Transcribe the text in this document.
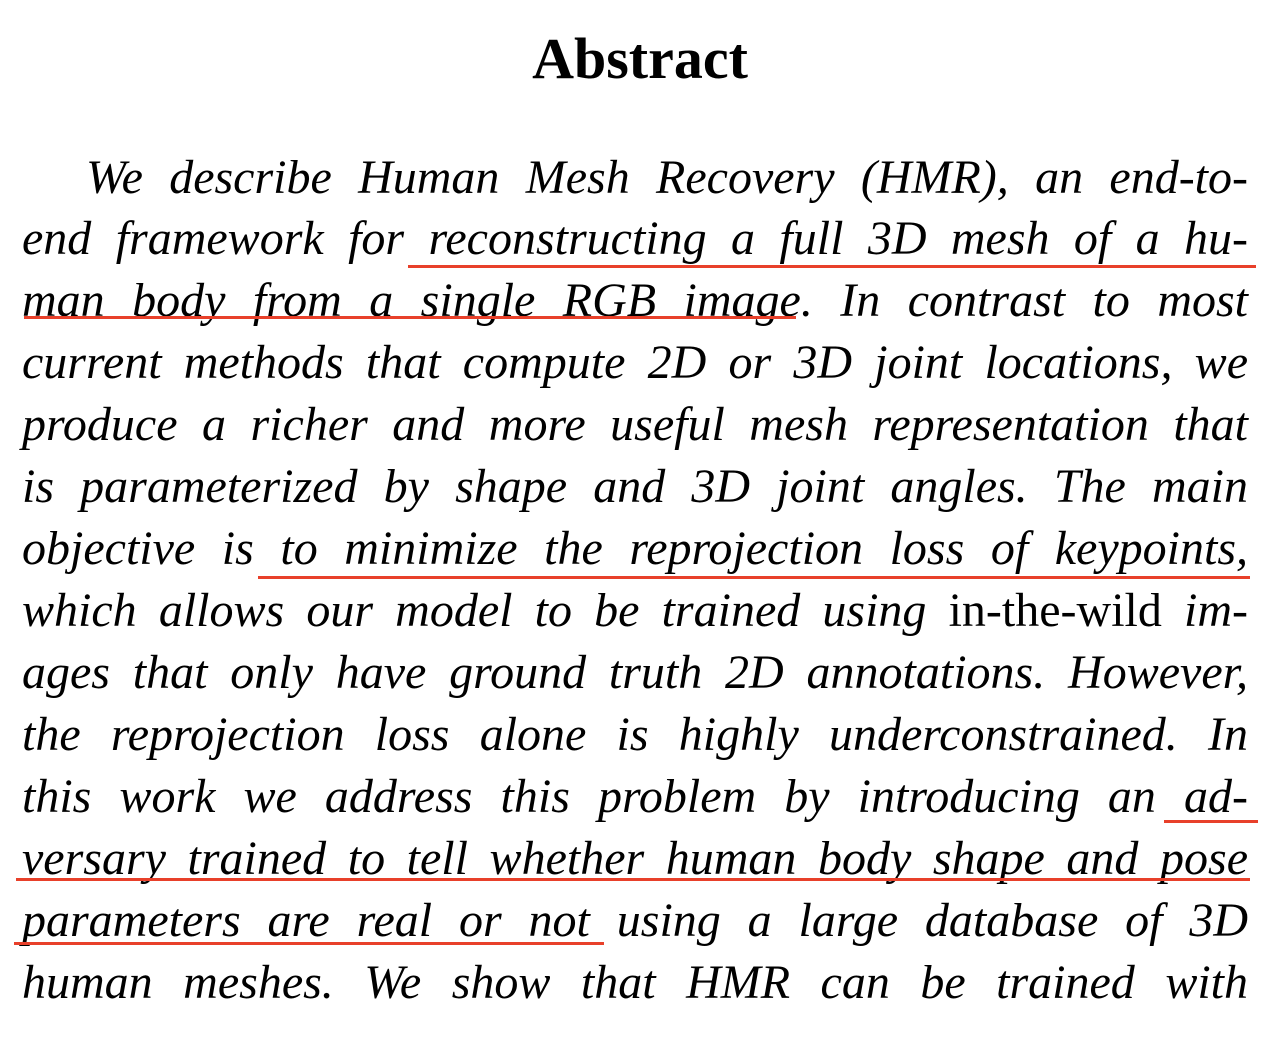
Abstract
We describe Human Mesh Recovery (HMR), an end-to-
end framework for reconstructing a full 3D mesh of a hu-
man body from a single RGB image. In contrast to most
current methods that compute 2D or 3D joint locations, we
produce a richer and more useful mesh representation that
is parameterized by shape and 3D joint angles. The main
objective is to minimize the reprojection loss of keypoints,
which allows our model to be trained using in-the-wild im-
ages that only have ground truth 2D annotations. However,
the reprojection loss alone is highly underconstrained. In
this work we address this problem by introducing an ad-
versary trained to tell whether human body shape and pose
parameters are real or not using a large database of 3D
human meshes. We show that HMR can be trained with
